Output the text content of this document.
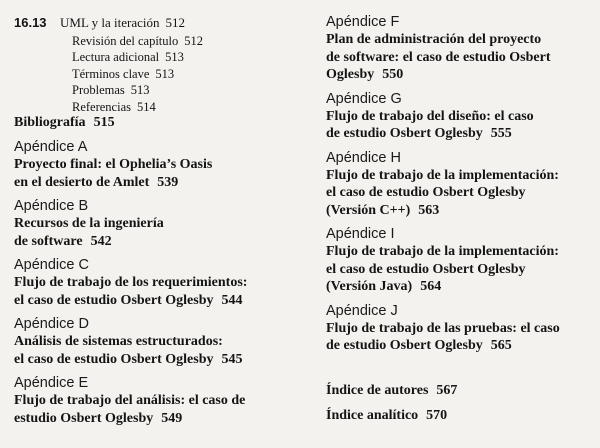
16.13 UML y la iteración 512
Revisión del capítulo 512
Lectura adicional 513
Términos clave 513
Problemas 513
Referencias 514
Bibliografía 515
Apéndice A
Proyecto final: el Ophelia’s Oasis
en el desierto de Amlet 539
Apéndice B
Recursos de la ingeniería
de software 542
Apéndice C
Flujo de trabajo de los requerimientos:
el caso de estudio Osbert Oglesby 544
Apéndice D
Análisis de sistemas estructurados:
el caso de estudio Osbert Oglesby 545
Apéndice E
Flujo de trabajo del análisis: el caso de
estudio Osbert Oglesby 549
Apéndice F
Plan de administración del proyecto
de software: el caso de estudio Osbert
Oglesby 550
Apéndice G
Flujo de trabajo del diseño: el caso
de estudio Osbert Oglesby 555
Apéndice H
Flujo de trabajo de la implementación:
el caso de estudio Osbert Oglesby
(Versión C++) 563
Apéndice I
Flujo de trabajo de la implementación:
el caso de estudio Osbert Oglesby
(Versión Java) 564
Apéndice J
Flujo de trabajo de las pruebas: el caso
de estudio Osbert Oglesby 565
Índice de autores 567
Índice analítico 570
